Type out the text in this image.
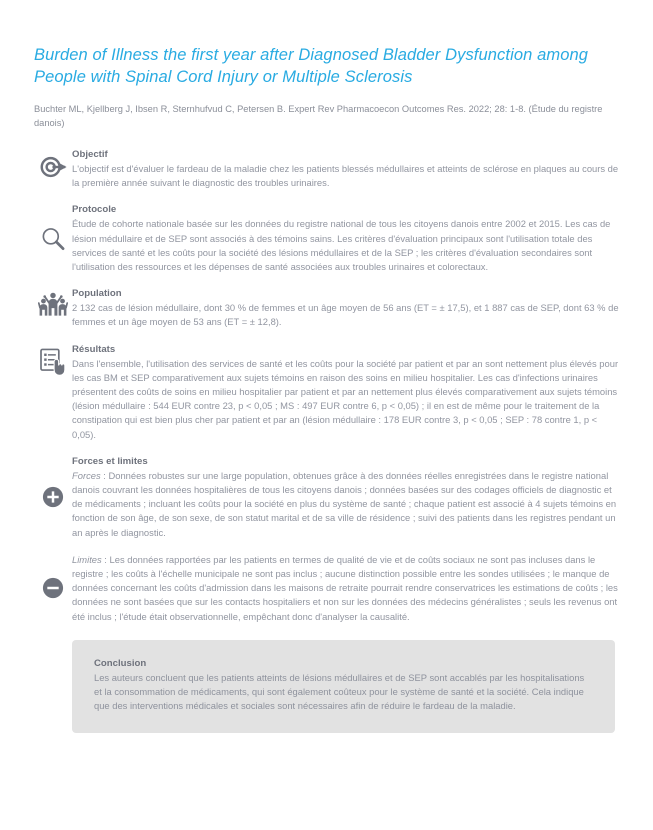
Burden of Illness the first year after Diagnosed Bladder Dysfunction among People with Spinal Cord Injury or Multiple Sclerosis

Buchter ML, Kjellberg J, Ibsen R, Sternhufvud C, Petersen B. Expert Rev Pharmacoecon Outcomes Res. 2022; 28: 1-8. (Étude du registre danois)

Objectif

L'objectif est d'évaluer le fardeau de la maladie chez les patients blessés médullaires et atteints de sclérose en plaques au cours de la première année suivant le diagnostic des troubles urinaires.

Protocole

Étude de cohorte nationale basée sur les données du registre national de tous les citoyens danois entre 2002 et 2015. Les cas de lésion médullaire et de SEP sont associés à des témoins sains. Les critères d'évaluation principaux sont l'utilisation totale des services de santé et les coûts pour la société des lésions médullaires et de la SEP ; les critères d'évaluation secondaires sont l'utilisation des ressources et les dépenses de santé associées aux troubles urinaires et colorectaux.

Population

2 132 cas de lésion médullaire, dont 30 % de femmes et un âge moyen de 56 ans (ET = ± 17,5), et 1 887 cas de SEP, dont 63 % de femmes et un âge moyen de 53 ans (ET = ± 12,8).

Résultats

Dans l'ensemble, l'utilisation des services de santé et les coûts pour la société par patient et par an sont nettement plus élevés pour les cas BM et SEP comparativement aux sujets témoins en raison des soins en milieu hospitalier. Les cas d'infections urinaires présentent des coûts de soins en milieu hospitalier par patient et par an nettement plus élevés comparativement aux sujets témoins (lésion médullaire : 544 EUR contre 23, p < 0,05 ; MS : 497 EUR contre 6, p < 0,05) ; il en est de même pour le traitement de la constipation qui est bien plus cher par patient et par an (lésion médullaire : 178 EUR contre 3, p < 0,05 ; SEP : 78 contre 1, p < 0,05).

Forces et limites

Forces : Données robustes sur une large population, obtenues grâce à des données réelles enregistrées dans le registre national danois couvrant les données hospitalières de tous les citoyens danois ; données basées sur des codages officiels de diagnostic et de médicaments ; incluant les coûts pour la société en plus du système de santé ; chaque patient est associé à 4 sujets témoins en fonction de son âge, de son sexe, de son statut marital et de sa ville de résidence ; suivi des patients dans les registres pendant un an après le diagnostic.

Limites : Les données rapportées par les patients en termes de qualité de vie et de coûts sociaux ne sont pas incluses dans le registre ; les coûts à l'échelle municipale ne sont pas inclus ; aucune distinction possible entre les sondes utilisées ; le manque de données concernant les coûts d'admission dans les maisons de retraite pourrait rendre conservatrices les estimations de coûts ; les données ne sont basées que sur les contacts hospitaliers et non sur les données des médecins généralistes ; seuls les revenus ont été inclus ; l'étude était observationnelle, empêchant donc d'analyser la causalité.

Conclusion

Les auteurs concluent que les patients atteints de lésions médullaires et de SEP sont accablés par les hospitalisations et la consommation de médicaments, qui sont également coûteux pour le système de santé et la société. Cela indique que des interventions médicales et sociales sont nécessaires afin de réduire le fardeau de la maladie.
